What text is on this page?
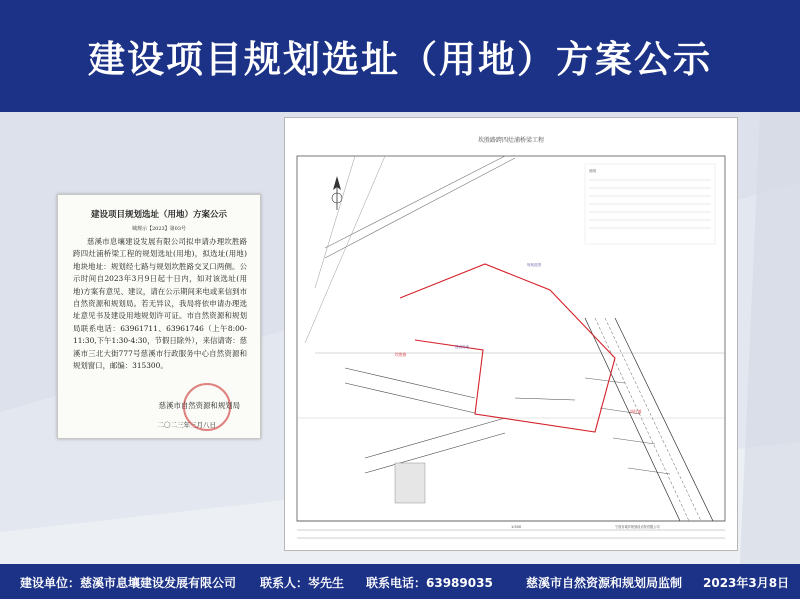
建设项目规划选址（用地）方案公示
建设项目规划选址（用地）方案公示
城规示【2023】第03号
慈溪市息壤建设发展有限公司拟申请办理坎胜路跨四灶浦桥梁工程的规划选址(用地)，拟选址(用地)地块地址：规划经七路与规划坎胜路交叉口两侧。公示时间自2023年3月9日起十日内，如对该选址(用地)方案有意见、建议，请在公示期间来电或来信到市自然资源和规划局。若无异议，我局将依申请办理选址意见书及建设用地规划许可证。市自然资源和规划局联系电话：63961711、63961746（上午8:00-11:30,下午1:30-4:30，节假日除外），来信请寄：慈溪市三北大街777号慈溪市行政服务中心自然资源和规划窗口，邮编：315300。
慈溪市自然资源和规划局
二〇二三年三月八日
坎胜路跨四灶浦桥梁工程
建设用地
规划范围
坎胜路
四灶浦
说明
1:500	宁波市城乡规划设计院有限公司
建设单位：慈溪市息壤建设发展有限公司 联系人：岑先生 联系电话：63989035	慈溪市自然资源和规划局监制 2023年3月8日
